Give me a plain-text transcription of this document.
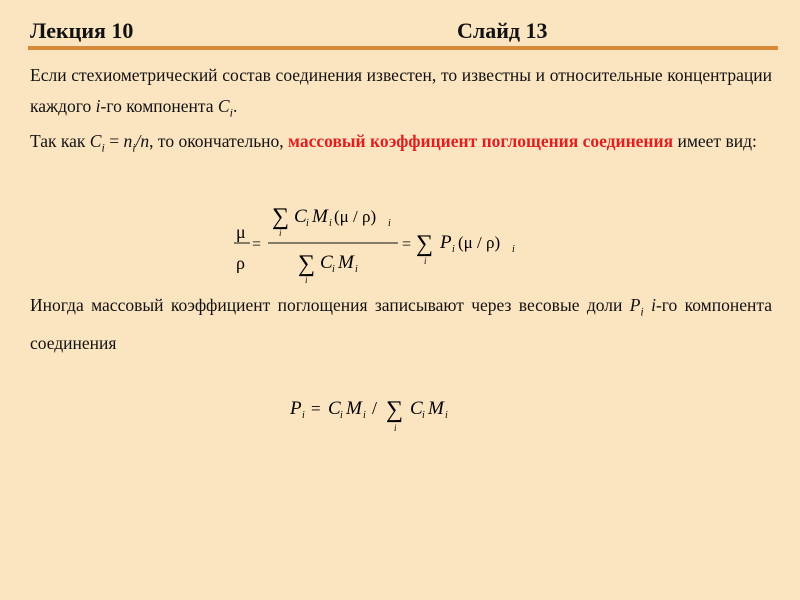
Лекция 10	Слайд 13
Если стехиометрический состав соединения известен, то известны и относительные концентрации каждого i-го компонента $C_i$.
Так как $C_i = n_i/n$, то окончательно, массовый коэффициент поглощения соединения имеет вид:
μ
ρ
=
∑
i
C i M i (μ / ρ) i
∑
i
C i M i
= ∑
i
P i (μ / ρ) i
Иногда массовый коэффициент поглощения записывают через весовые доли $P_i$ i-го компонента соединения
P i = C i M i / ∑
i
C i M i
